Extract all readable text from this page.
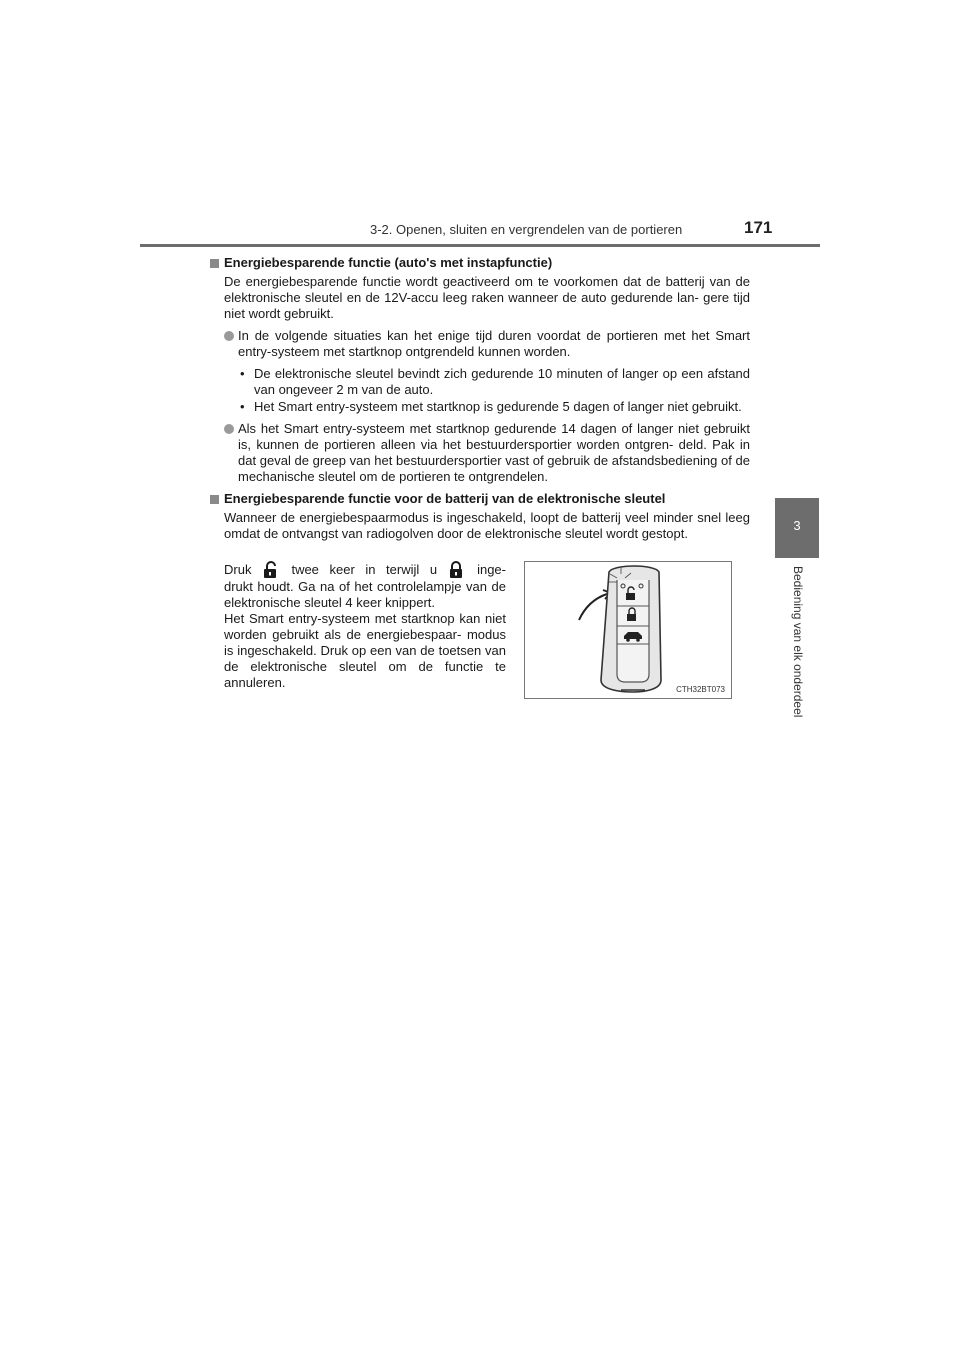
3-2. Openen, sluiten en vergrendelen van de portieren	171
3
Bediening van elk onderdeel

Energiebesparende functie (auto's met instapfunctie)

De energiebesparende functie wordt geactiveerd om te voorkomen dat de batterij van de elektronische sleutel en de 12V-accu leeg raken wanneer de auto gedurende lan- gere tijd niet wordt gebruikt.

In de volgende situaties kan het enige tijd duren voordat de portieren met het Smart entry-systeem met startknop ontgrendeld kunnen worden.
• De elektronische sleutel bevindt zich gedurende 10 minuten of langer op een afstand van ongeveer 2 m van de auto.
• Het Smart entry-systeem met startknop is gedurende 5 dagen of langer niet gebruikt.
Als het Smart entry-systeem met startknop gedurende 14 dagen of langer niet gebruikt is, kunnen de portieren alleen via het bestuurdersportier worden ontgren- deld. Pak in dat geval de greep van het bestuurdersportier vast of gebruik de afstandsbediening of de mechanische sleutel om de portieren te ontgrendelen.

Energiebesparende functie voor de batterij van de elektronische sleutel

Wanneer de energiebespaarmodus is ingeschakeld, loopt de batterij veel minder snel leeg omdat de ontvangst van radiogolven door de elektronische sleutel wordt gestopt.

Druk	twee keer in terwijl u	inge- drukt houdt. Ga na of het controlelampje van de elektronische sleutel 4 keer knippert.
Het Smart entry-systeem met startknop kan niet worden gebruikt als de energiebespaar- modus is ingeschakeld. Druk op een van de toetsen van de elektronische sleutel om de functie te annuleren.	CTH32BT073
